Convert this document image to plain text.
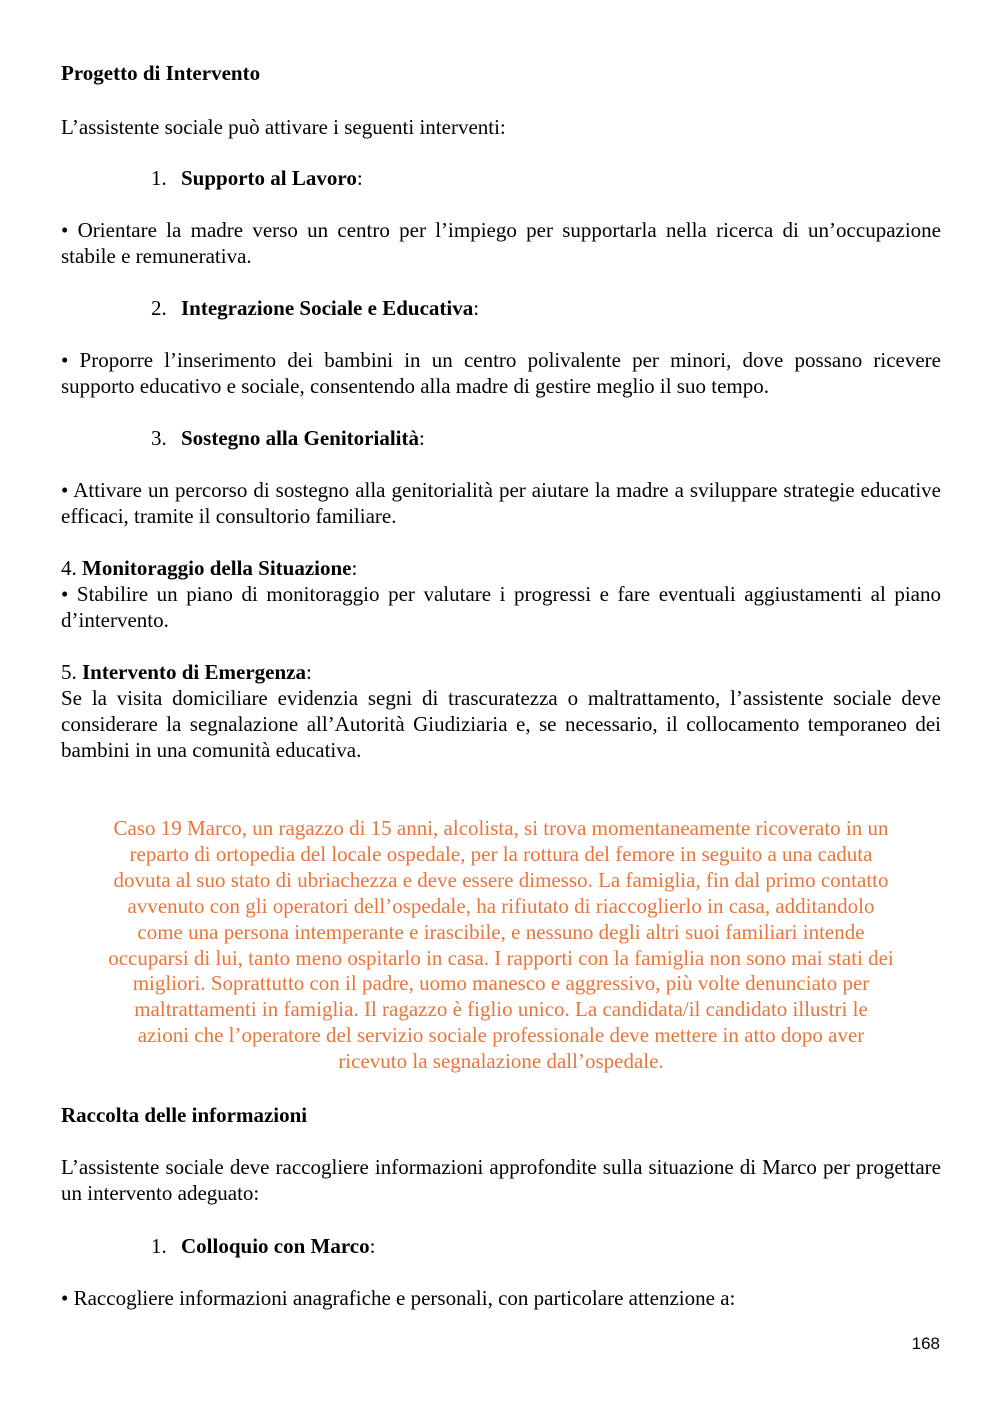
Progetto di Intervento
L’assistente sociale può attivare i seguenti interventi:
1. Supporto al Lavoro:

• Orientare la madre verso un centro per l’impiego per supportarla nella ricerca di un’occupazione stabile e remunerativa.

2. Integrazione Sociale e Educativa:

• Proporre l’inserimento dei bambini in un centro polivalente per minori, dove possano ricevere supporto educativo e sociale, consentendo alla madre di gestire meglio il suo tempo.

3. Sostegno alla Genitorialità:

• Attivare un percorso di sostegno alla genitorialità per aiutare la madre a sviluppare strategie educative efficaci, tramite il consultorio familiare.

4. Monitoraggio della Situazione:

• Stabilire un piano di monitoraggio per valutare i progressi e fare eventuali aggiustamenti al piano d’intervento.

5. Intervento di Emergenza:

Se la visita domiciliare evidenzia segni di trascuratezza o maltrattamento, l’assistente sociale deve considerare la segnalazione all’Autorità Giudiziaria e, se necessario, il collocamento temporaneo dei bambini in una comunità educativa.

Caso 19 Marco, un ragazzo di 15 anni, alcolista, si trova momentaneamente ricoverato in un
reparto di ortopedia del locale ospedale, per la rottura del femore in seguito a una caduta
dovuta al suo stato di ubriachezza e deve essere dimesso. La famiglia, fin dal primo contatto
avvenuto con gli operatori dell’ospedale, ha rifiutato di riaccoglierlo in casa, additandolo
come una persona intemperante e irascibile, e nessuno degli altri suoi familiari intende
occuparsi di lui, tanto meno ospitarlo in casa. I rapporti con la famiglia non sono mai stati dei
migliori. Soprattutto con il padre, uomo manesco e aggressivo, più volte denunciato per
maltrattamenti in famiglia. Il ragazzo è figlio unico. La candidata/il candidato illustri le
azioni che l’operatore del servizio sociale professionale deve mettere in atto dopo aver
ricevuto la segnalazione dall’ospedale.
Raccolta delle informazioni

L’assistente sociale deve raccogliere informazioni approfondite sulla situazione di Marco per progettare un intervento adeguato:

1. Colloquio con Marco:
• Raccogliere informazioni anagrafiche e personali, con particolare attenzione a:
168
